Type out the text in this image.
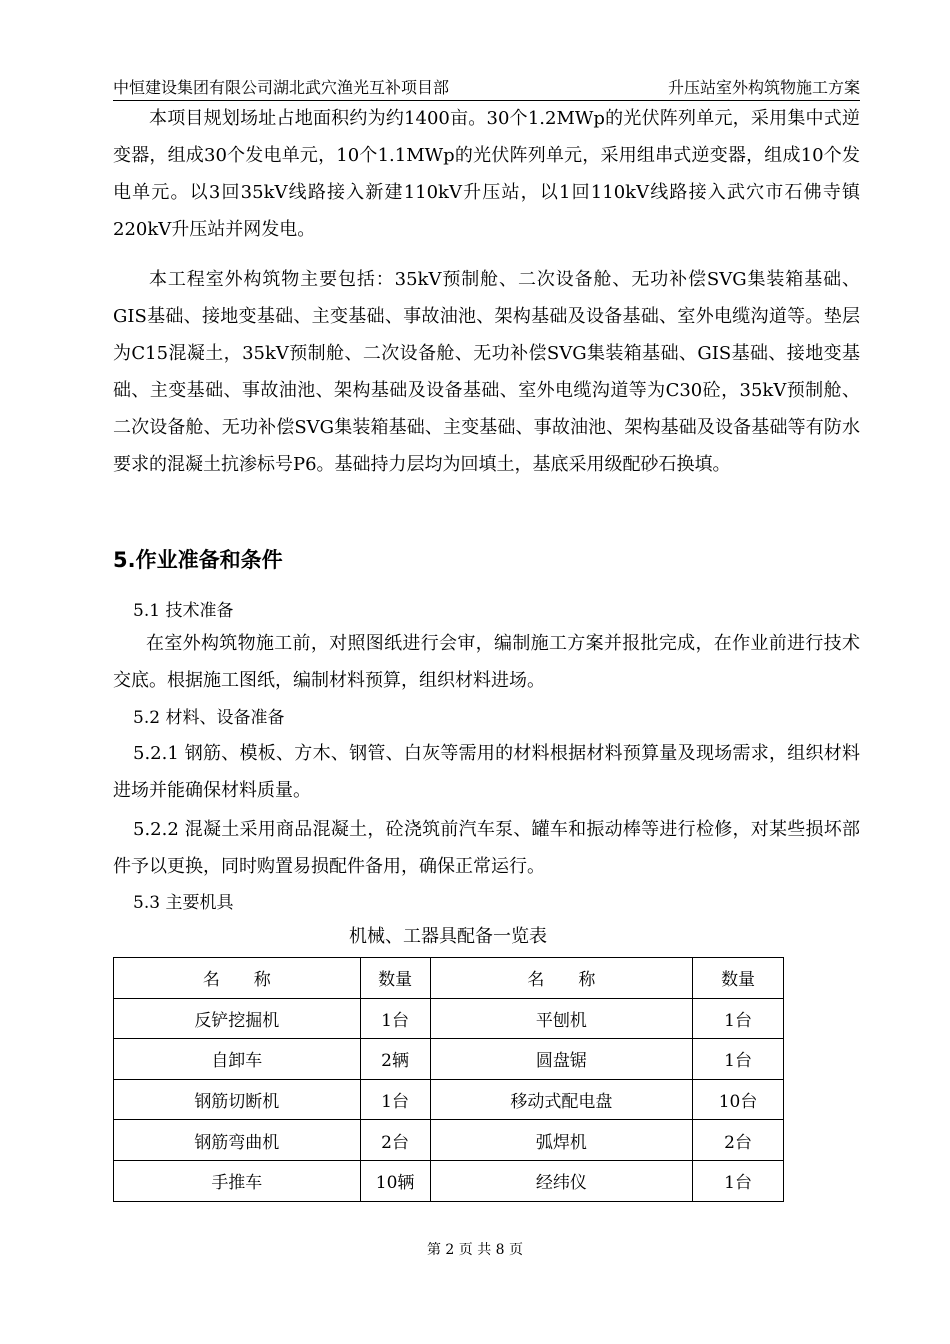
中恒建设集团有限公司湖北武穴渔光互补项目部	升压站室外构筑物施工方案

本项目规划场址占地面积约为约1400亩。30个1.2MWp的光伏阵列单元，采用集中式逆变器，组成30个发电单元，10个1.1MWp的光伏阵列单元，采用组串式逆变器，组成10个发电单元。以3回35kV线路接入新建110kV升压站，以1回110kV线路接入武穴市石佛寺镇220kV升压站并网发电。

本工程室外构筑物主要包括：35kV预制舱、二次设备舱、无功补偿SVG集装箱基础、GIS基础、接地变基础、主变基础、事故油池、架构基础及设备基础、室外电缆沟道等。垫层为C15混凝土，35kV预制舱、二次设备舱、无功补偿SVG集装箱基础、GIS基础、接地变基础、主变基础、事故油池、架构基础及设备基础、室外电缆沟道等为C30砼，35kV预制舱、二次设备舱、无功补偿SVG集装箱基础、主变基础、事故油池、架构基础及设备基础等有防水要求的混凝土抗渗标号P6。基础持力层均为回填土，基底采用级配砂石换填。

5.作业准备和条件

5.1 技术准备

在室外构筑物施工前，对照图纸进行会审，编制施工方案并报批完成，在作业前进行技术交底。根据施工图纸，编制材料预算，组织材料进场。

5.2 材料、设备准备

5.2.1 钢筋、模板、方木、钢管、白灰等需用的材料根据材料预算量及现场需求，组织材料进场并能确保材料质量。

5.2.2 混凝土采用商品混凝土，砼浇筑前汽车泵、罐车和振动棒等进行检修，对某些损坏部件予以更换，同时购置易损配件备用，确保正常运行。

5.3 主要机具

机械、工器具配备一览表
名　　称	数量	名　　称	数量
反铲挖掘机	1台	平刨机	1台
自卸车	2辆	圆盘锯	1台
钢筋切断机	1台	移动式配电盘	10台
钢筋弯曲机	2台	弧焊机	2台
手推车	10辆	经纬仪	1台
第 2 页 共 8 页
